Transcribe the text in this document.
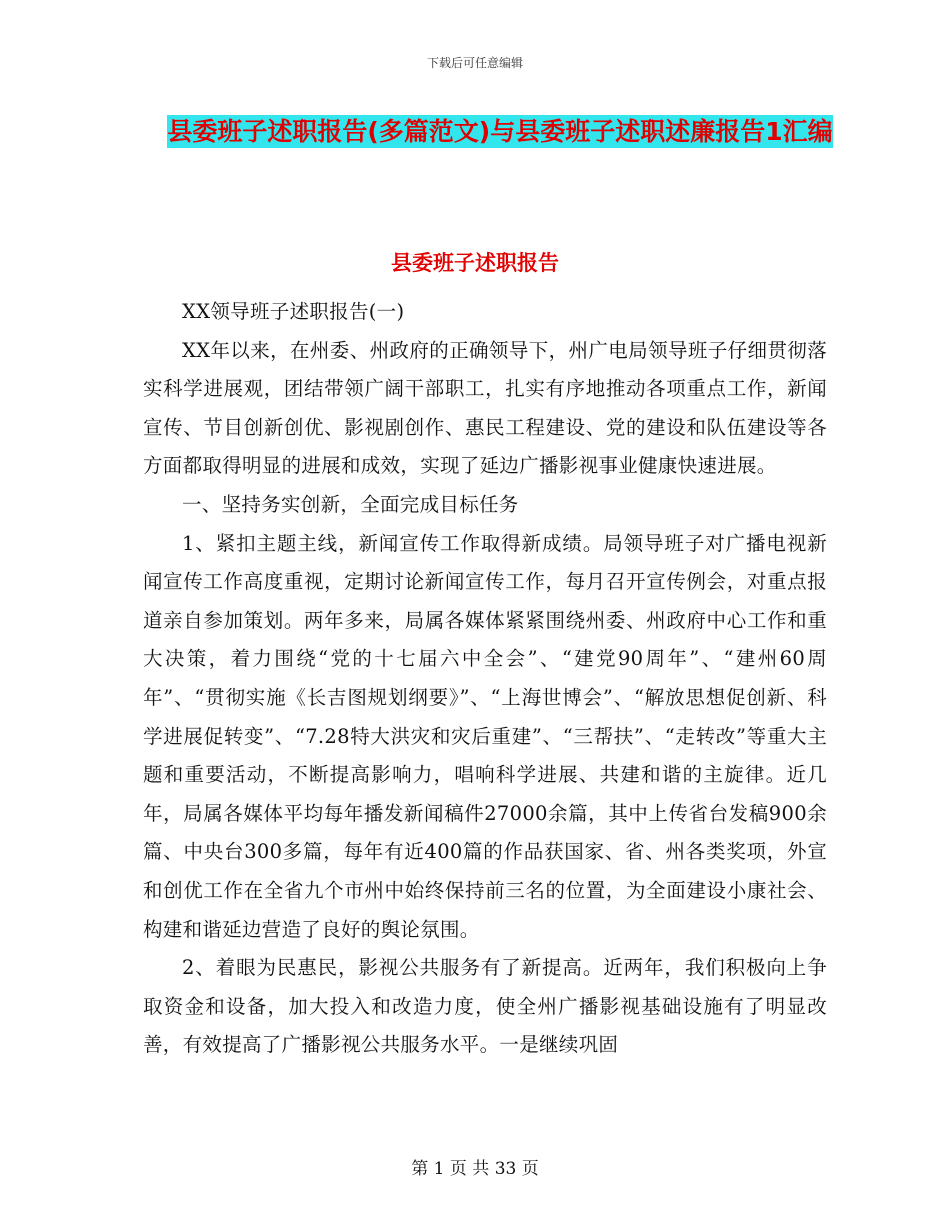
下载后可任意编辑
县委班子述职报告(多篇范文)与县委班子述职述廉报告1汇编
县委班子述职报告

XX领导班子述职报告(一)

XX年以来，在州委、州政府的正确领导下，州广电局领导班子仔细贯彻落实科学进展观，团结带领广阔干部职工，扎实有序地推动各项重点工作，新闻宣传、节目创新创优、影视剧创作、惠民工程建设、党的建设和队伍建设等各方面都取得明显的进展和成效，实现了延边广播影视事业健康快速进展。

一、坚持务实创新，全面完成目标任务

1、紧扣主题主线，新闻宣传工作取得新成绩。局领导班子对广播电视新闻宣传工作高度重视，定期讨论新闻宣传工作，每月召开宣传例会，对重点报道亲自参加策划。两年多来，局属各媒体紧紧围绕州委、州政府中心工作和重大决策，着力围绕“党的十七届六中全会”、“建党90周年”、“建州60周年”、“贯彻实施《长吉图规划纲要》”、“上海世博会”、“解放思想促创新、科学进展促转变”、“7.28特大洪灾和灾后重建”、“三帮扶”、“走转改”等重大主题和重要活动，不断提高影响力，唱响科学进展、共建和谐的主旋律。近几年，局属各媒体平均每年播发新闻稿件27000余篇，其中上传省台发稿900余篇、中央台300多篇，每年有近400篇的作品获国家、省、州各类奖项，外宣和创优工作在全省九个市州中始终保持前三名的位置，为全面建设小康社会、构建和谐延边营造了良好的舆论氛围。

2、着眼为民惠民，影视公共服务有了新提高。近两年，我们积极向上争取资金和设备，加大投入和改造力度，使全州广播影视基础设施有了明显改善，有效提高了广播影视公共服务水平。一是继续巩固

第 1 页 共 33 页
